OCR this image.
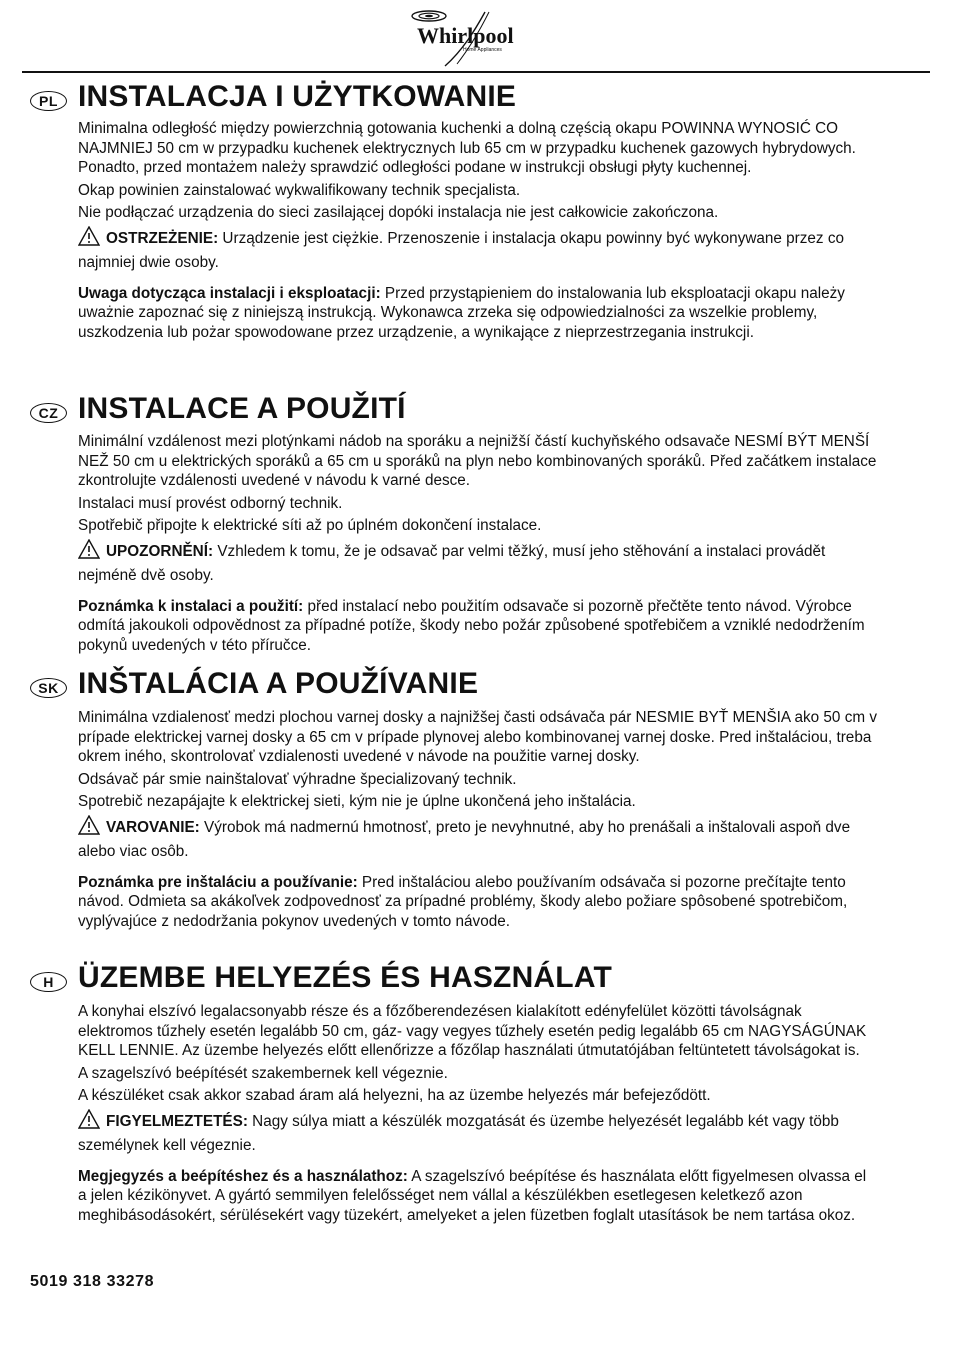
Whirlpool
Home Appliances
PL INSTALACJA I UŻYTKOWANIE

Minimalna odległość między powierzchnią gotowania kuchenki a dolną częścią okapu POWINNA WYNOSIĆ CO NAJMNIEJ 50 cm w przypadku kuchenek elektrycznych lub 65 cm w przypadku kuchenek gazowych hybrydowych. Ponadto, przed montażem należy sprawdzić odległości podane w instrukcji obsługi płyty kuchennej.

Okap powinien zainstalować wykwalifikowany technik specjalista.

Nie podłączać urządzenia do sieci zasilającej dopóki instalacja nie jest całkowicie zakończona.

OSTRZEŻENIE: Urządzenie jest ciężkie. Przenoszenie i instalacja okapu powinny być wykonywane przez co najmniej dwie osoby.

Uwaga dotycząca instalacji i eksploatacji: Przed przystąpieniem do instalowania lub eksploatacji okapu należy uważnie zapoznać się z niniejszą instrukcją. Wykonawca zrzeka się odpowiedzialności za wszelkie problemy, uszkodzenia lub pożar spowodowane przez urządzenie, a wynikające z nieprzestrzegania instrukcji.

CZ INSTALACE A POUŽITÍ

Minimální vzdálenost mezi plotýnkami nádob na sporáku a nejnižší částí kuchyňského odsavače NESMÍ BÝT MENŠÍ NEŽ 50 cm u elektrických sporáků a 65 cm u sporáků na plyn nebo kombinovaných sporáků. Před začátkem instalace zkontrolujte vzdálenosti uvedené v návodu k varné desce.

Instalaci musí provést odborný technik.

Spotřebič připojte k elektrické síti až po úplném dokončení instalace.

UPOZORNĚNÍ: Vzhledem k tomu, že je odsavač par velmi těžký, musí jeho stěhování a instalaci provádět nejméně dvě osoby.

Poznámka k instalaci a použití: před instalací nebo použitím odsavače si pozorně přečtěte tento návod. Výrobce odmítá jakoukoli odpovědnost za případné potíže, škody nebo požár způsobené spotřebičem a vzniklé nedodržením pokynů uvedených v této příručce.

SK INŠTALÁCIA A POUŽÍVANIE

Minimálna vzdialenosť medzi plochou varnej dosky a najnižšej časti odsávača pár NESMIE BYŤ MENŠIA ako 50 cm v prípade elektrickej varnej dosky a 65 cm v prípade plynovej alebo kombinovanej varnej doske. Pred inštaláciou, treba okrem iného, skontrolovať vzdialenosti uvedené v návode na použitie varnej dosky.

Odsávač pár smie nainštalovať výhradne špecializovaný technik.

Spotrebič nezapájajte k elektrickej sieti, kým nie je úplne ukončená jeho inštalácia.

VAROVANIE: Výrobok má nadmernú hmotnosť, preto je nevyhnutné, aby ho prenášali a inštalovali aspoň dve alebo viac osôb.

Poznámka pre inštaláciu a používanie: Pred inštaláciou alebo používaním odsávača si pozorne prečítajte tento návod. Odmieta sa akákoľvek zodpovednosť za prípadné problémy, škody alebo požiare spôsobené spotrebičom, vyplývajúce z nedodržania pokynov uvedených v tomto návode.

H ÜZEMBE HELYEZÉS ÉS HASZNÁLAT

A konyhai elszívó legalacsonyabb része és a főzőberendezésen kialakított edényfelület közötti távolságnak elektromos tűzhely esetén legalább 50 cm, gáz- vagy vegyes tűzhely esetén pedig legalább 65 cm NAGYSÁGÚNAK KELL LENNIE. Az üzembe helyezés előtt ellenőrizze a főzőlap használati útmutatójában feltüntetett távolságokat is.

A szagelszívó beépítését szakembernek kell végeznie.

A készüléket csak akkor szabad áram alá helyezni, ha az üzembe helyezés már befejeződött.

FIGYELMEZTETÉS: Nagy súlya miatt a készülék mozgatását és üzembe helyezését legalább két vagy több személynek kell végeznie.

Megjegyzés a beépítéshez és a használathoz: A szagelszívó beépítése és használata előtt figyelmesen olvassa el a jelen kézikönyvet. A gyártó semmilyen felelősséget nem vállal a készülékben esetlegesen keletkező azon meghibásodásokért, sérülésekért vagy tüzekért, amelyeket a jelen füzetben foglalt utasítások be nem tartása okoz.

5019 318 33278
